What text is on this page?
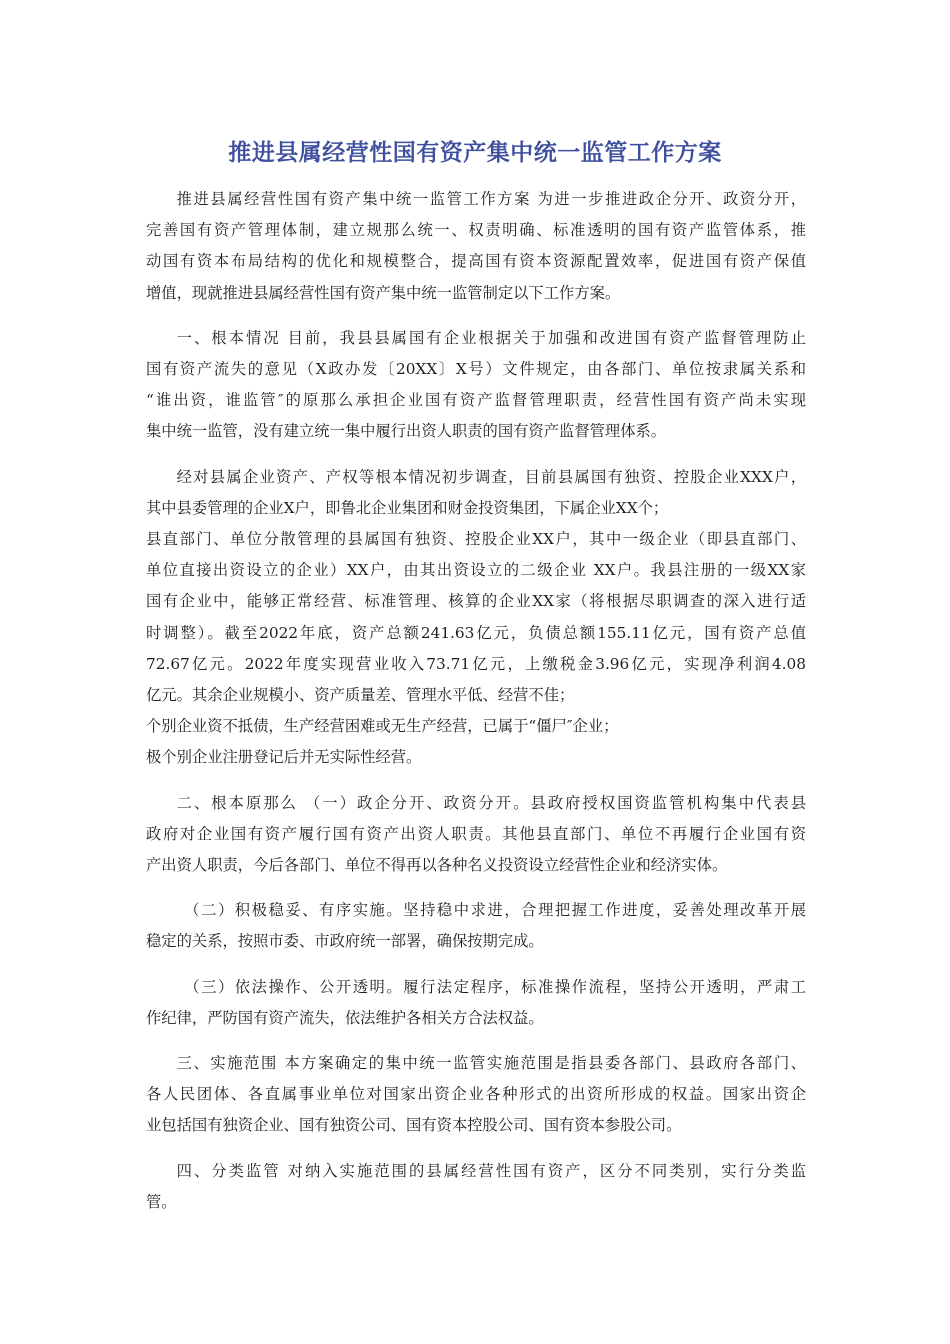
推进县属经营性国有资产集中统一监管工作方案

推进县属经营性国有资产集中统一监管工作方案 为进一步推进政企分开、政资分开，
完善国有资产管理体制，建立规那么统一、权责明确、标准透明的国有资产监管体系，推
动国有资本布局结构的优化和规模整合，提高国有资本资源配置效率，促进国有资产保值
增值，现就推进县属经营性国有资产集中统一监管制定以下工作方案。

一、根本情况 目前，我县县属国有企业根据关于加强和改进国有资产监督管理防止
国有资产流失的意见（X政办发〔20XX〕X号）文件规定，由各部门、单位按隶属关系和
“谁出资，谁监管″的原那么承担企业国有资产监督管理职责，经营性国有资产尚未实现
集中统一监管，没有建立统一集中履行出资人职责的国有资产监督管理体系。

经对县属企业资产、产权等根本情况初步调查，目前县属国有独资、控股企业XXX户，
其中县委管理的企业X户，即鲁北企业集团和财金投资集团，下属企业XX个；
县直部门、单位分散管理的县属国有独资、控股企业XX户，其中一级企业（即县直部门、
单位直接出资设立的企业）XX户，由其出资设立的二级企业 XX户。我县注册的一级XX家
国有企业中，能够正常经营、标准管理、核算的企业XX家（将根据尽职调查的深入进行适
时调整）。截至2022年底，资产总额241.63亿元，负债总额155.11亿元，国有资产总值
72.67亿元。2022年度实现营业收入73.71亿元，上缴税金3.96亿元，实现净利润4.08
亿元。其余企业规模小、资产质量差、管理水平低、经营不佳；
个别企业资不抵债，生产经营困难或无生产经营，已属于“僵尸″企业；
极个别企业注册登记后并无实际性经营。

二、根本原那么 （一）政企分开、政资分开。县政府授权国资监管机构集中代表县
政府对企业国有资产履行国有资产出资人职责。其他县直部门、单位不再履行企业国有资
产出资人职责，今后各部门、单位不得再以各种名义投资设立经营性企业和经济实体。

（二）积极稳妥、有序实施。坚持稳中求进，合理把握工作进度，妥善处理改革开展
稳定的关系，按照市委、市政府统一部署，确保按期完成。

（三）依法操作、公开透明。履行法定程序，标准操作流程，坚持公开透明，严肃工
作纪律，严防国有资产流失，依法维护各相关方合法权益。

三、实施范围 本方案确定的集中统一监管实施范围是指县委各部门、县政府各部门、
各人民团体、各直属事业单位对国家出资企业各种形式的出资所形成的权益。国家出资企
业包括国有独资企业、国有独资公司、国有资本控股公司、国有资本参股公司。

四、分类监管 对纳入实施范围的县属经营性国有资产，区分不同类别，实行分类监
管。
